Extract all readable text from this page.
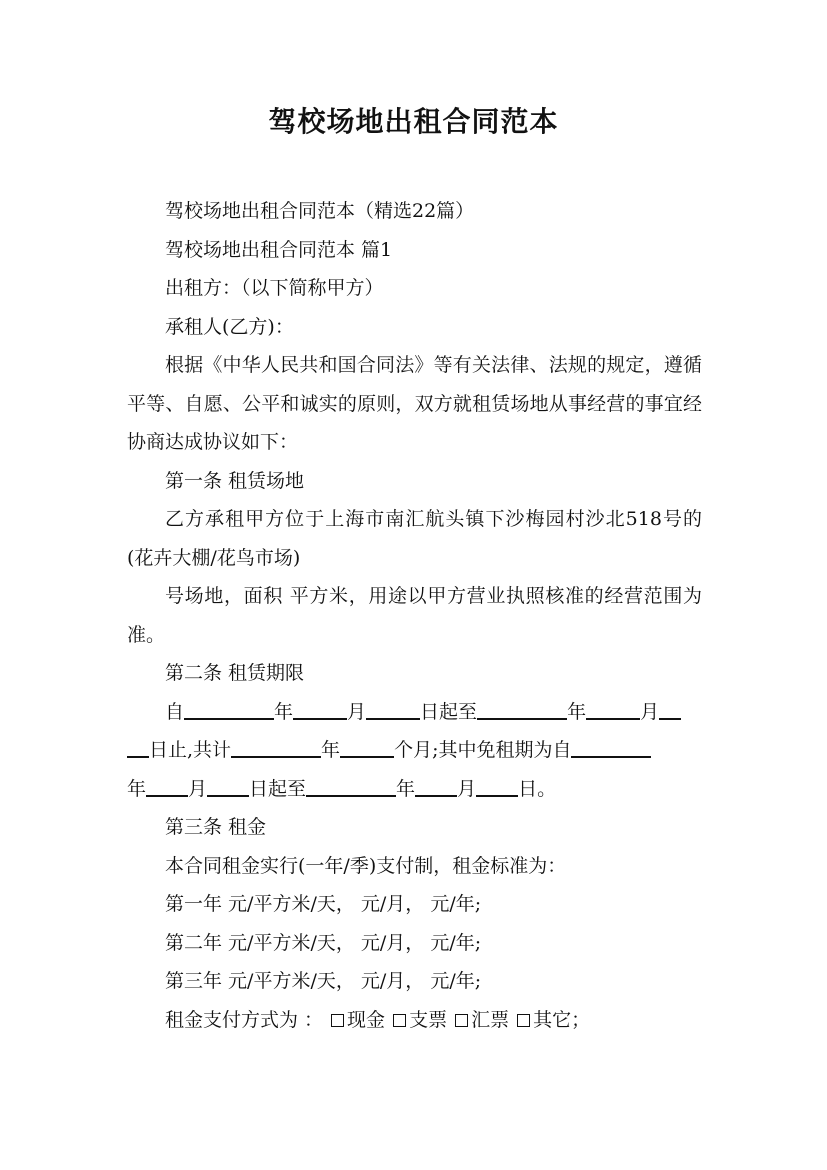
驾校场地出租合同范本

驾校场地出租合同范本（精选22篇）

驾校场地出租合同范本 篇1

出租方：（以下简称甲方）

承租人(乙方)：

根据《中华人民共和国合同法》等有关法律、法规的规定，遵循平等、自愿、公平和诚实的原则，双方就租赁场地从事经营的事宜经协商达成协议如下：

第一条 租赁场地

乙方承租甲方位于上海市南汇航头镇下沙梅园村沙北518号的(花卉大棚/花鸟市场)

号场地，面积 平方米，用途以甲方营业执照核准的经营范围为准。

第二条 租赁期限

自	年	月	日起至	年	月
日止,共计	年	个月;其中免租期为自
年 月 日起至	年 月 日。

第三条 租金

本合同租金实行(一年/季)支付制，租金标准为：

第一年 元/平方米/天， 元/月， 元/年;

第二年 元/平方米/天， 元/月， 元/年;

第三年 元/平方米/天， 元/月， 元/年;

租金支付方式为 ： 现金 支票 汇票 其它；
